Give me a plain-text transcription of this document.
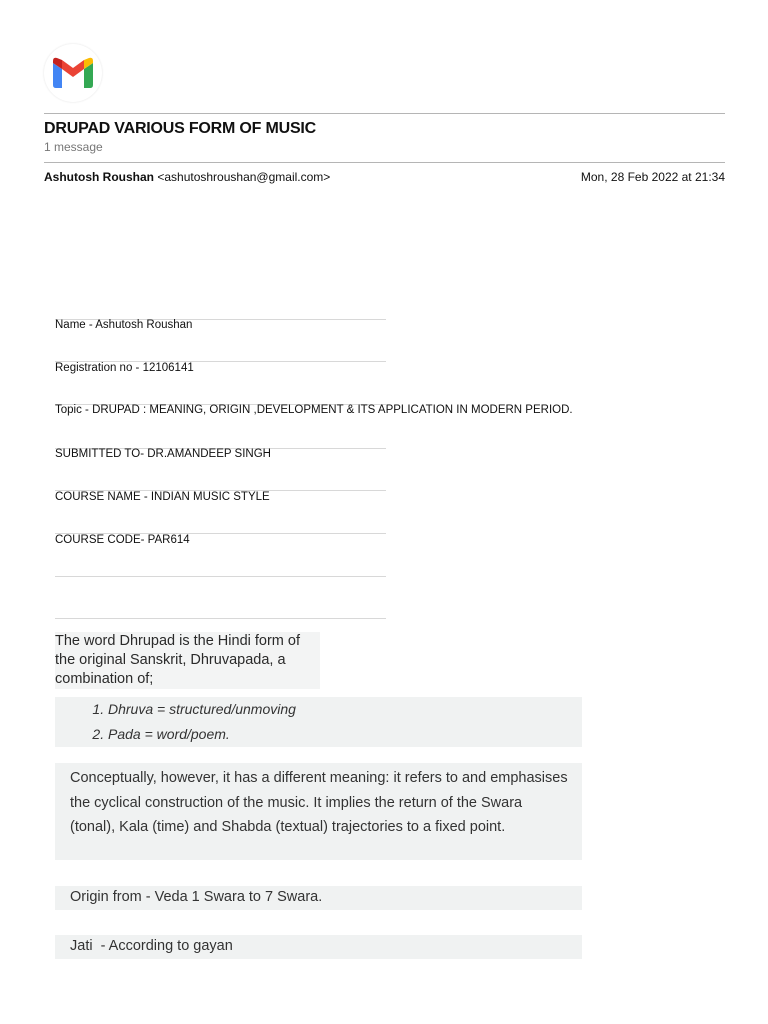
DRUPAD VARIOUS FORM OF MUSIC
1 message
Ashutosh Roushan <ashutoshroushan@gmail.com>	Mon, 28 Feb 2022 at 21:34
Name - Ashutosh Roushan
Registration no - 12106141
Topic - DRUPAD : MEANING, ORIGIN ,DEVELOPMENT & ITS APPLICATION IN MODERN PERIOD.
SUBMITTED TO- DR.AMANDEEP SINGH
COURSE NAME - INDIAN MUSIC STYLE
COURSE CODE- PAR614
The word Dhrupad is the Hindi form of the original Sanskrit, Dhruvapada, a combination of;
1. Dhruva = structured/unmoving
2. Pada = word/poem.

Conceptually, however, it has a different meaning: it refers to and emphasises the cyclical construction of the music. It implies the return of the Swara (tonal), Kala (time) and Shabda (textual) trajectories to a fixed point.

Origin from - Veda 1 Swara to 7 Swara.
Jati  - According to gayan
